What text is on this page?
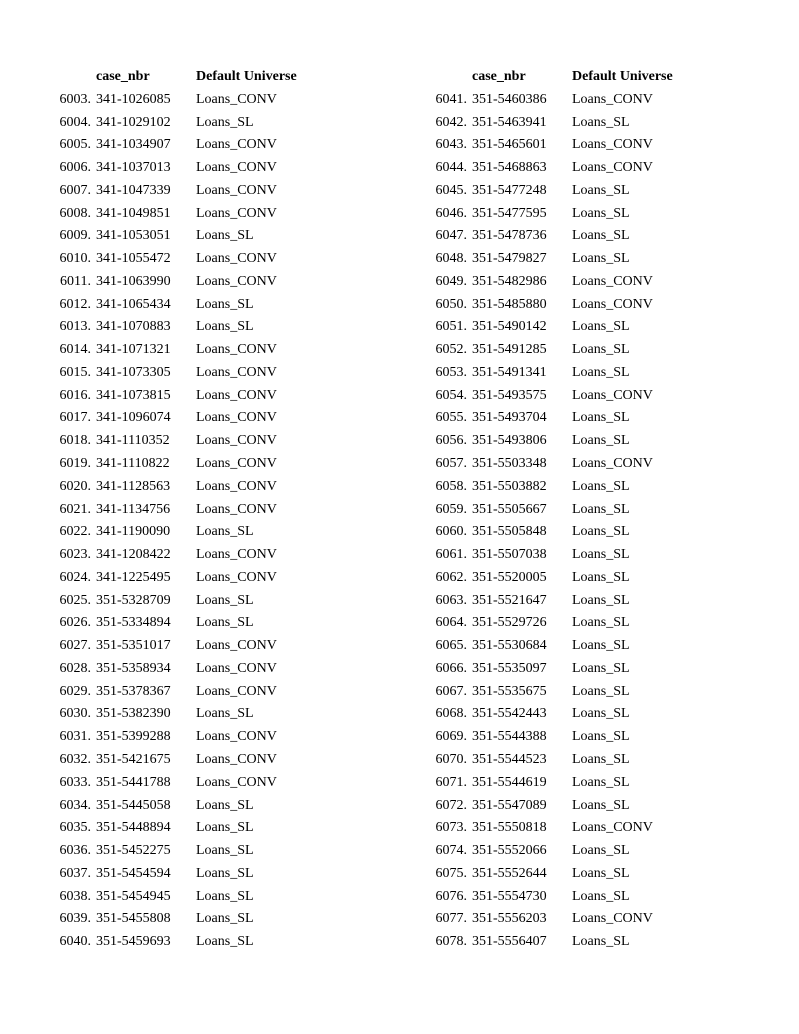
case_nbr	Default Universe
6003. 341-1026085	Loans_CONV
6004. 341-1029102	Loans_SL
6005. 341-1034907	Loans_CONV
6006. 341-1037013	Loans_CONV
6007. 341-1047339	Loans_CONV
6008. 341-1049851	Loans_CONV
6009. 341-1053051	Loans_SL
6010. 341-1055472	Loans_CONV
6011. 341-1063990	Loans_CONV
6012. 341-1065434	Loans_SL
6013. 341-1070883	Loans_SL
6014. 341-1071321	Loans_CONV
6015. 341-1073305	Loans_CONV
6016. 341-1073815	Loans_CONV
6017. 341-1096074	Loans_CONV
6018. 341-1110352	Loans_CONV
6019. 341-1110822	Loans_CONV
6020. 341-1128563	Loans_CONV
6021. 341-1134756	Loans_CONV
6022. 341-1190090	Loans_SL
6023. 341-1208422	Loans_CONV
6024. 341-1225495	Loans_CONV
6025. 351-5328709	Loans_SL
6026. 351-5334894	Loans_SL
6027. 351-5351017	Loans_CONV
6028. 351-5358934	Loans_CONV
6029. 351-5378367	Loans_CONV
6030. 351-5382390	Loans_SL
6031. 351-5399288	Loans_CONV
6032. 351-5421675	Loans_CONV
6033. 351-5441788	Loans_CONV
6034. 351-5445058	Loans_SL
6035. 351-5448894	Loans_SL
6036. 351-5452275	Loans_SL
6037. 351-5454594	Loans_SL
6038. 351-5454945	Loans_SL
6039. 351-5455808	Loans_SL
6040. 351-5459693	Loans_SL
case_nbr	Default Universe
6041. 351-5460386	Loans_CONV
6042. 351-5463941	Loans_SL
6043. 351-5465601	Loans_CONV
6044. 351-5468863	Loans_CONV
6045. 351-5477248	Loans_SL
6046. 351-5477595	Loans_SL
6047. 351-5478736	Loans_SL
6048. 351-5479827	Loans_SL
6049. 351-5482986	Loans_CONV
6050. 351-5485880	Loans_CONV
6051. 351-5490142	Loans_SL
6052. 351-5491285	Loans_SL
6053. 351-5491341	Loans_SL
6054. 351-5493575	Loans_CONV
6055. 351-5493704	Loans_SL
6056. 351-5493806	Loans_SL
6057. 351-5503348	Loans_CONV
6058. 351-5503882	Loans_SL
6059. 351-5505667	Loans_SL
6060. 351-5505848	Loans_SL
6061. 351-5507038	Loans_SL
6062. 351-5520005	Loans_SL
6063. 351-5521647	Loans_SL
6064. 351-5529726	Loans_SL
6065. 351-5530684	Loans_SL
6066. 351-5535097	Loans_SL
6067. 351-5535675	Loans_SL
6068. 351-5542443	Loans_SL
6069. 351-5544388	Loans_SL
6070. 351-5544523	Loans_SL
6071. 351-5544619	Loans_SL
6072. 351-5547089	Loans_SL
6073. 351-5550818	Loans_CONV
6074. 351-5552066	Loans_SL
6075. 351-5552644	Loans_SL
6076. 351-5554730	Loans_SL
6077. 351-5556203	Loans_CONV
6078. 351-5556407	Loans_SL
